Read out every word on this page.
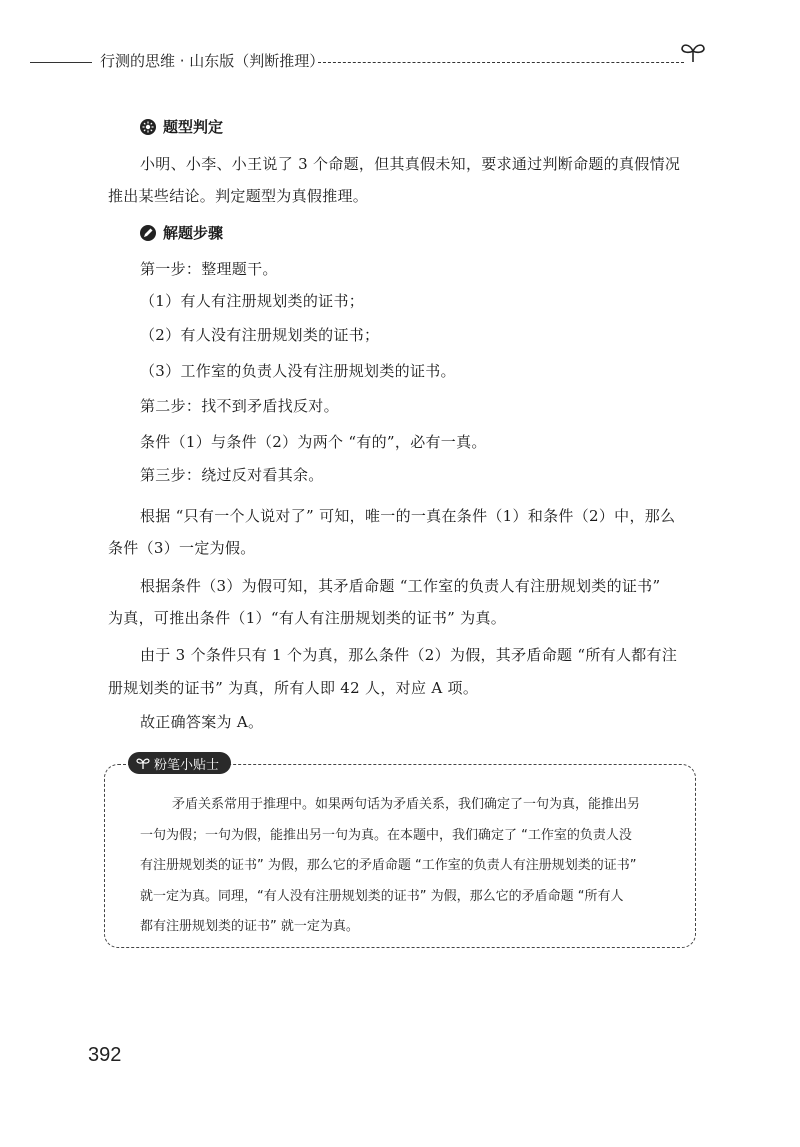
行测的思维 · 山东版（判断推理）
题型判定
小明、小李、小王说了 3 个命题，但其真假未知，要求通过判断命题的真假情况
推出某些结论。判定题型为真假推理。
解题步骤
第一步：整理题干。
（1）有人有注册规划类的证书；
（2）有人没有注册规划类的证书；
（3）工作室的负责人没有注册规划类的证书。
第二步：找不到矛盾找反对。
条件（1）与条件（2）为两个 “有的”，必有一真。
第三步：绕过反对看其余。
根据 “只有一个人说对了” 可知，唯一的一真在条件（1）和条件（2）中，那么
条件（3）一定为假。
根据条件（3）为假可知，其矛盾命题 “工作室的负责人有注册规划类的证书”
为真，可推出条件（1）“有人有注册规划类的证书” 为真。
由于 3 个条件只有 1 个为真，那么条件（2）为假，其矛盾命题 “所有人都有注
册规划类的证书” 为真，所有人即 42 人，对应 A 项。
故正确答案为 A。
粉笔小贴士
矛盾关系常用于推理中。如果两句话为矛盾关系，我们确定了一句为真，能推出另
一句为假；一句为假，能推出另一句为真。在本题中，我们确定了 “工作室的负责人没
有注册规划类的证书” 为假，那么它的矛盾命题 “工作室的负责人有注册规划类的证书”
就一定为真。同理，“有人没有注册规划类的证书” 为假，那么它的矛盾命题 “所有人
都有注册规划类的证书” 就一定为真。
392
